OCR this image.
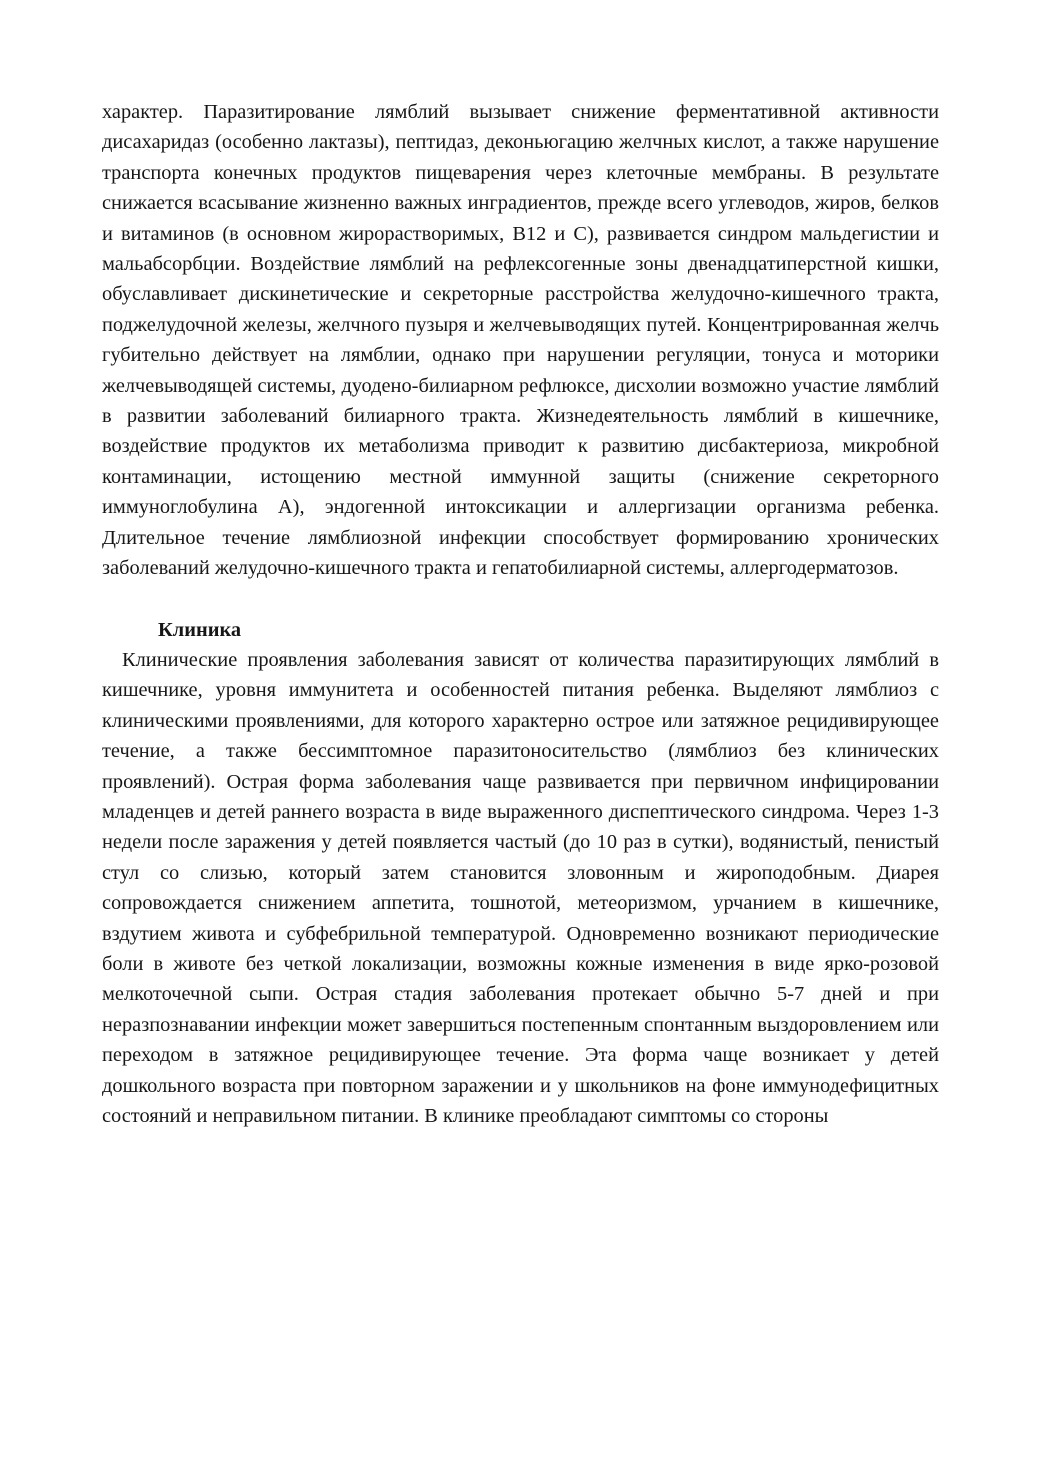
характер. Паразитирование лямблий вызывает снижение ферментативной активности дисахаридаз (особенно лактазы), пептидаз, деконьюгацию желчных кислот, а также нарушение транспорта конечных продуктов пищеварения через клеточные мембраны. В результате снижается всасывание жизненно важных ингрaдиентов, прежде всего углеводов, жиров, белков и витаминов (в основном жирорастворимых, B12 и C), развивается синдром мальдегистии и мальабсорбции. Воздействие лямблий на рефлексогенные зоны двенадцатиперстной кишки, обуславливает дискинетические и секреторные расстройства желудочно-кишечного тракта, поджелудочной железы, желчного пузыря и желчевыводящих путей. Концентрированная желчь губительно действует на лямблии, однако при нарушении регуляции, тонуса и моторики желчевыводящей системы, дуодено-билиарном рефлюксе, дисхолии возможно участие лямблий в развитии заболеваний билиарного тракта. Жизнедеятельность лямблий в кишечнике, воздействие продуктов их метаболизма приводит к развитию дисбактериоза, микробной контаминации, истощению местной иммунной защиты (снижение секреторного иммуноглобулина А), эндогенной интоксикации и аллергизации организма ребенка. Длительное течение лямблиозной инфекции способствует формированию хронических заболеваний желудочно-кишечного тракта и гепатобилиарной системы, аллергодерматозов.

Клиника

Клинические проявления заболевания зависят от количества паразитирующих лямблий в кишечнике, уровня иммунитета и особенностей питания ребенка. Выделяют лямблиоз с клиническими проявлениями, для которого характерно острое или затяжное рецидивирующее течение, а также бессимптомное паразитоносительство (лямблиоз без клинических проявлений). Острая форма заболевания чаще развивается при первичном инфицировании младенцев и детей раннего возраста в виде выраженного диспептического синдрома. Через 1-3 недели после заражения у детей появляется частый (до 10 раз в сутки), водянистый, пенистый стул со слизью, который затем становится зловонным и жироподобным. Диарея сопровождается снижением аппетита, тошнотой, метеоризмом, урчанием в кишечнике, вздутием живота и субфебрильной температурой. Одновременно возникают периодические боли в животе без четкой локализации, возможны кожные изменения в виде ярко-розовой мелкоточечной сыпи. Острая стадия заболевания протекает обычно 5-7 дней и при неразпознавании инфекции может завершиться постепенным спонтанным выздоровлением или переходом в затяжное рецидивирующее течение. Эта форма чаще возникает у детей дошкольного возраста при повторном заражении и у школьников на фоне иммунодефицитных состояний и неправильном питании. В клинике преобладают симптомы со стороны
